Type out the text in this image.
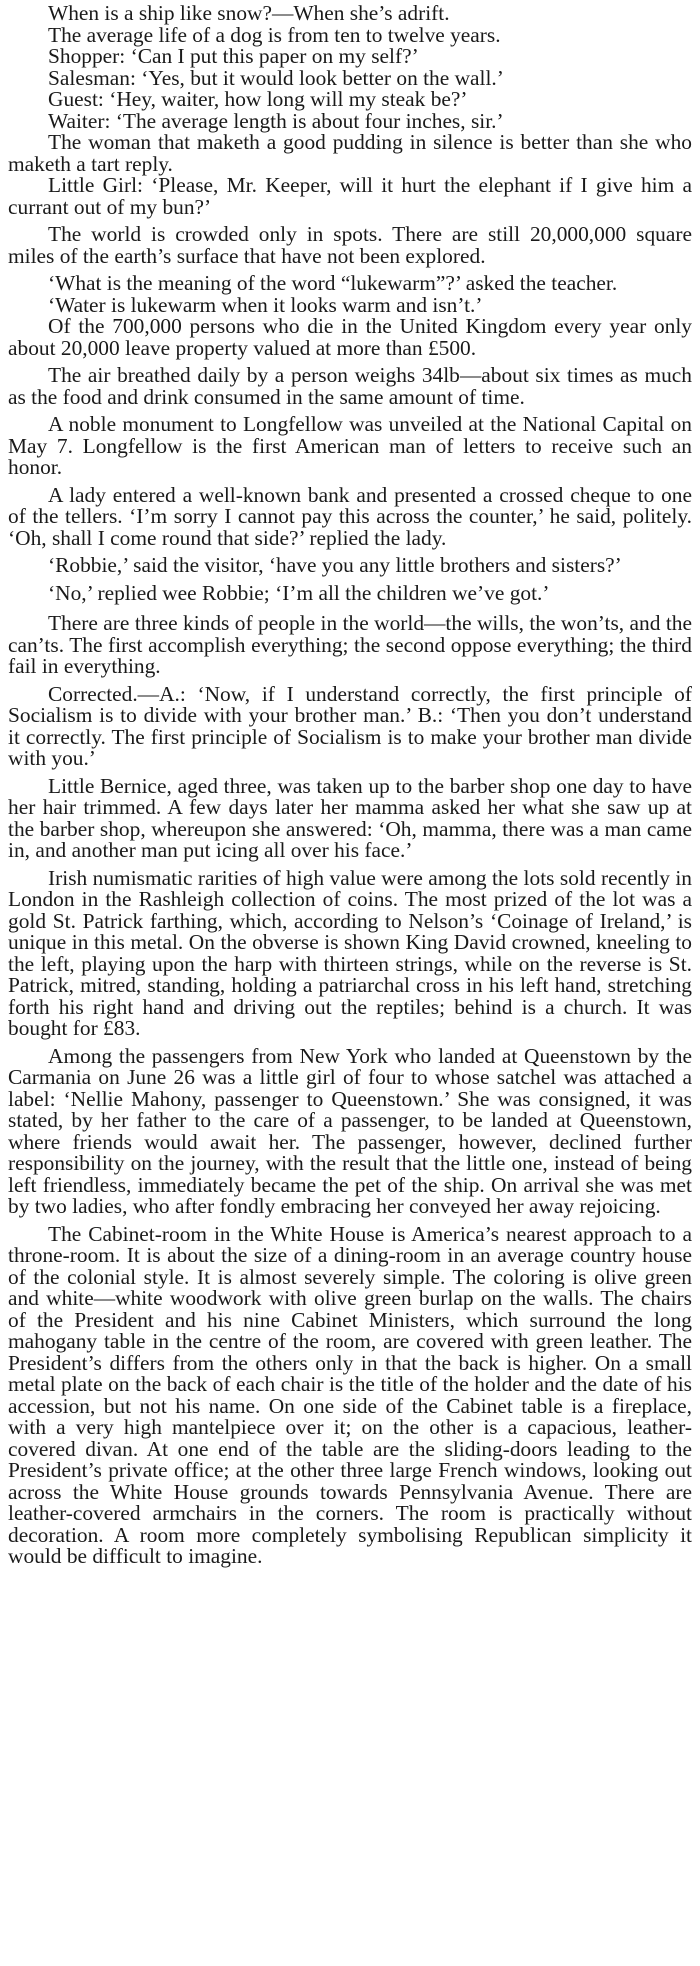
When is a ship like snow?—When she’s adrift.

The average life of a dog is from ten to twelve years.

Shopper: ‘Can I put this paper on my self?’

Salesman: ‘Yes, but it would look better on the wall.’

Guest: ‘Hey, waiter, how long will my steak be?’

Waiter: ‘The average length is about four inches, sir.’

The woman that maketh a good pudding in silence is better than she who maketh a tart reply.

Little Girl: ‘Please, Mr. Keeper, will it hurt the elephant if I give him a currant out of my bun?’

The world is crowded only in spots. There are still 20,000,000 square miles of the earth’s surface that have not been explored.

‘What is the meaning of the word “lukewarm”?’ asked the teacher.

‘Water is lukewarm when it looks warm and isn’t.’

Of the 700,000 persons who die in the United Kingdom every year only about 20,000 leave property valued at more than £500.

The air breathed daily by a person weighs 34lb—about six times as much as the food and drink consumed in the same amount of time.

A noble monument to Longfellow was unveiled at the National Capital on May 7. Longfellow is the first American man of letters to receive such an honor.

A lady entered a well-known bank and presented a crossed cheque to one of the tellers. ‘I’m sorry I cannot pay this across the counter,’ he said, politely. ‘Oh, shall I come round that side?’ replied the lady.

‘Robbie,’ said the visitor, ‘have you any little brothers and sisters?’

‘No,’ replied wee Robbie; ‘I’m all the children we’ve got.’

There are three kinds of people in the world—the wills, the won’ts, and the can’ts. The first accomplish everything; the second oppose everything; the third fail in everything.

Corrected.—A.: ‘Now, if I understand correctly, the first principle of Socialism is to divide with your brother man.’ B.: ‘Then you don’t understand it correctly. The first principle of Socialism is to make your brother man divide with you.’

Little Bernice, aged three, was taken up to the barber shop one day to have her hair trimmed. A few days later her mamma asked her what she saw up at the barber shop, whereupon she answered: ‘Oh, mamma, there was a man came in, and another man put icing all over his face.’

Irish numismatic rarities of high value were among the lots sold recently in London in the Rashleigh collection of coins. The most prized of the lot was a gold St. Patrick farthing, which, according to Nelson’s ‘Coinage of Ireland,’ is unique in this metal. On the obverse is shown King David crowned, kneeling to the left, playing upon the harp with thirteen strings, while on the reverse is St. Patrick, mitred, standing, holding a patriarchal cross in his left hand, stretching forth his right hand and driving out the reptiles; behind is a church. It was bought for £83.

Among the passengers from New York who landed at Queenstown by the Carmania on June 26 was a little girl of four to whose satchel was attached a label: ‘Nellie Mahony, passenger to Queenstown.’ She was consigned, it was stated, by her father to the care of a passenger, to be landed at Queenstown, where friends would await her. The passenger, however, declined further responsibility on the journey, with the result that the little one, instead of being left friendless, immediately became the pet of the ship. On arrival she was met by two ladies, who after fondly embracing her conveyed her away rejoicing.

The Cabinet-room in the White House is America’s nearest approach to a throne-room. It is about the size of a dining-room in an average country house of the colonial style. It is almost severely simple. The coloring is olive green and white—white woodwork with olive green burlap on the walls. The chairs of the President and his nine Cabinet Ministers, which surround the long mahogany table in the centre of the room, are covered with green leather. The President’s differs from the others only in that the back is higher. On a small metal plate on the back of each chair is the title of the holder and the date of his accession, but not his name. On one side of the Cabinet table is a fireplace, with a very high mantelpiece over it; on the other is a capacious, leather-covered divan. At one end of the table are the sliding-doors leading to the President’s private office; at the other three large French windows, looking out across the White House grounds towards Pennsylvania Avenue. There are leather-covered armchairs in the corners. The room is practically without decoration. A room more completely symbolising Republican simplicity it would be difficult to imagine.
